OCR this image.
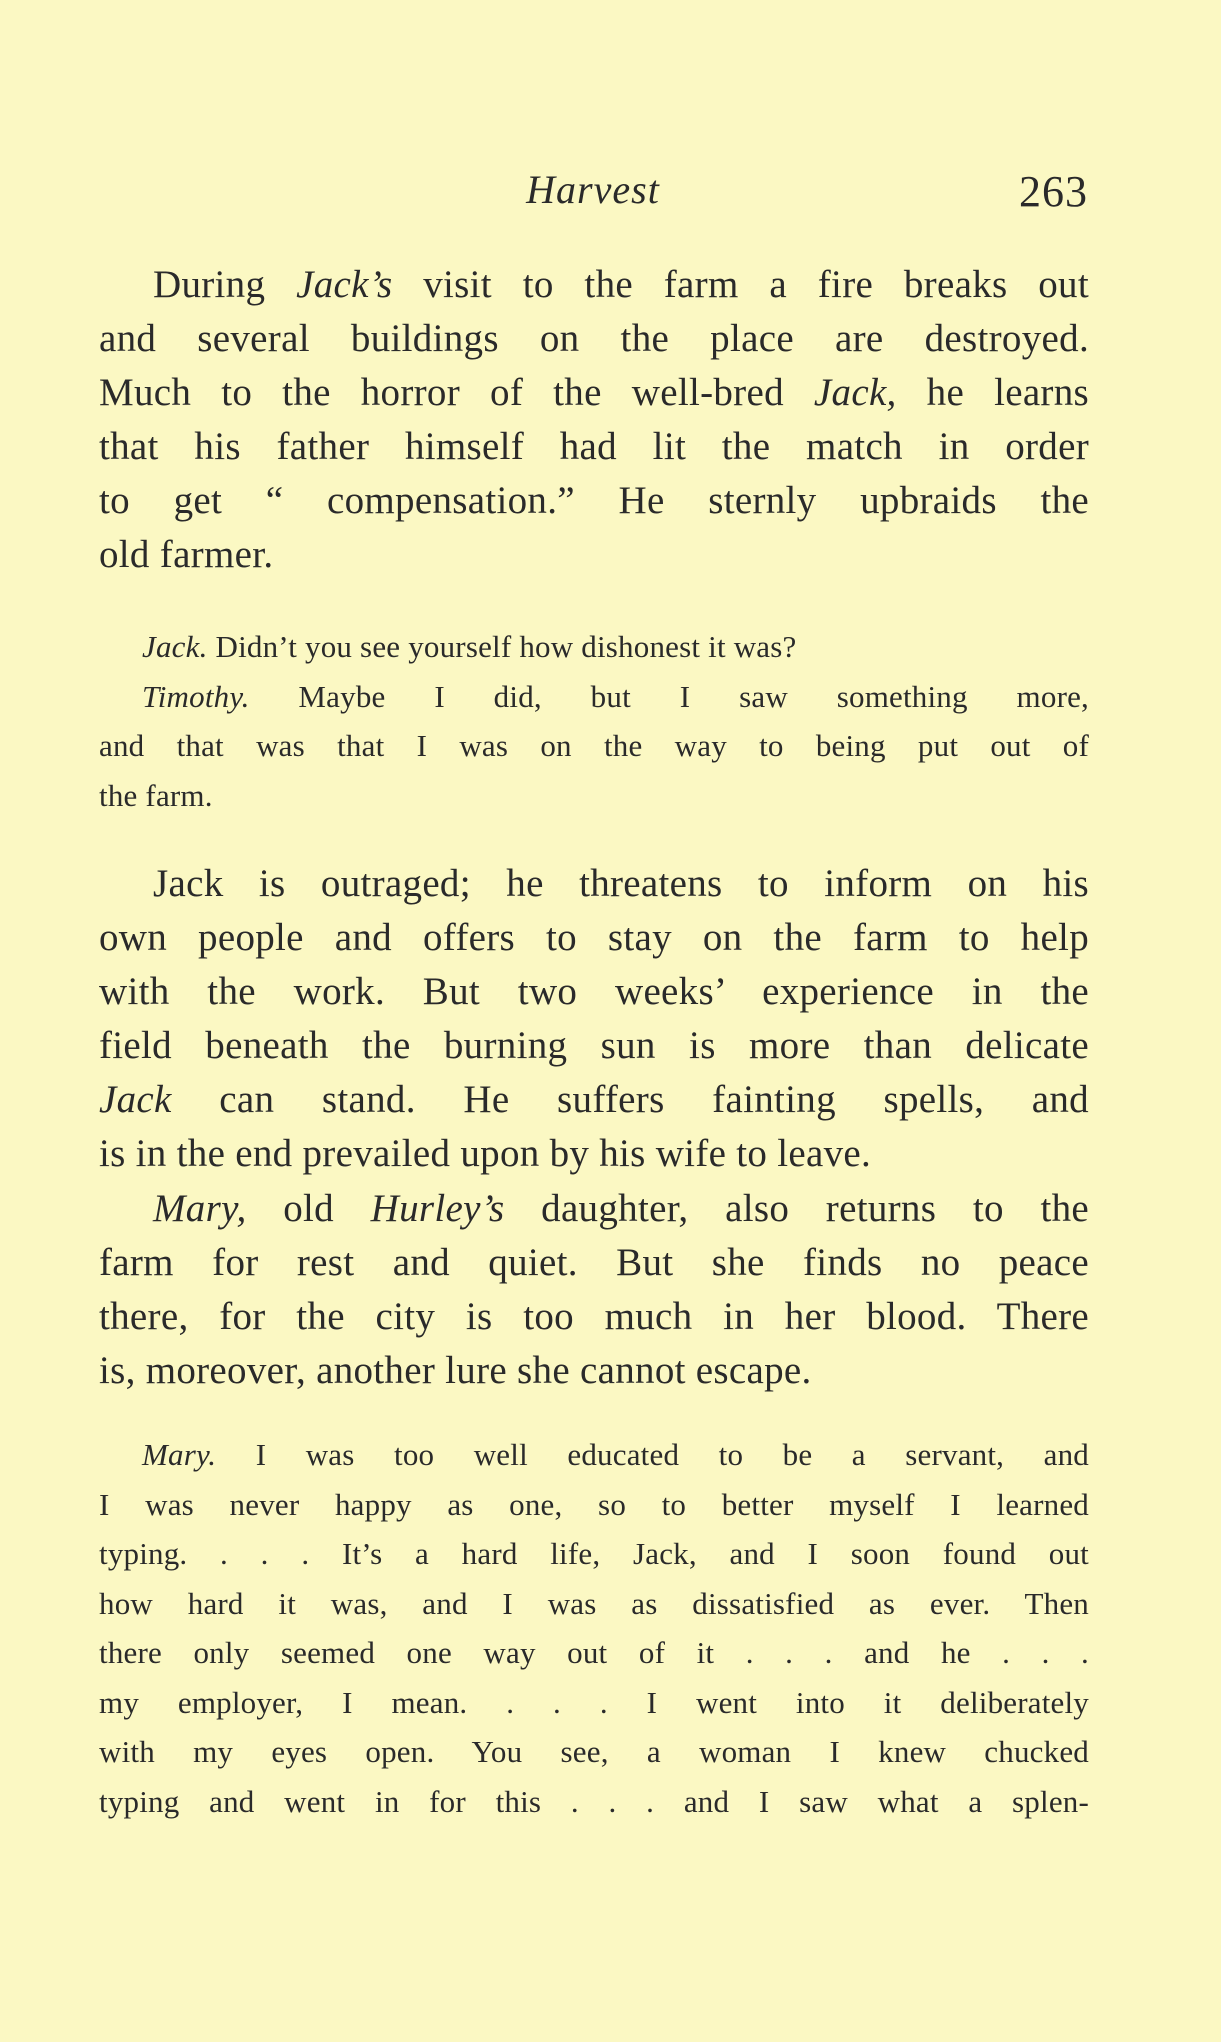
Harvest	263
During Jack’s visit to the farm a fire breaks out
and several buildings on the place are destroyed.
Much to the horror of the well-bred Jack, he learns
that his father himself had lit the match in order
to get “ compensation.” He sternly upbraids the
old farmer.
Jack. Didn’t you see yourself how dishonest it was?
Timothy. Maybe I did, but I saw something more,
and that was that I was on the way to being put out of
the farm.
Jack is outraged; he threatens to inform on his
own people and offers to stay on the farm to help
with the work. But two weeks’ experience in the
field beneath the burning sun is more than delicate
Jack can stand. He suffers fainting spells, and
is in the end prevailed upon by his wife to leave.
Mary, old Hurley’s daughter, also returns to the
farm for rest and quiet. But she finds no peace
there, for the city is too much in her blood. There
is, moreover, another lure she cannot escape.
Mary. I was too well educated to be a servant, and
I was never happy as one, so to better myself I learned
typing. . . . It’s a hard life, Jack, and I soon found out
how hard it was, and I was as dissatisfied as ever. Then
there only seemed one way out of it . . . and he . . .
my employer, I mean. . . . I went into it deliberately
with my eyes open. You see, a woman I knew chucked
typing and went in for this . . . and I saw what a splen-
